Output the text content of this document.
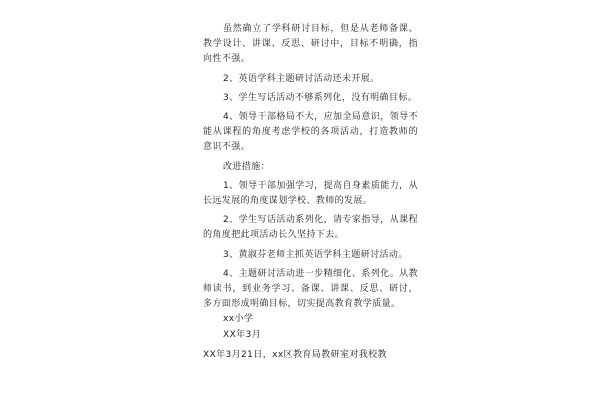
虽然确立了学科研讨目标，但是从老师备课、教学设计、讲课、反思、研讨中，目标不明确，指向性不强。

2、英语学科主题研讨活动还未开展。

3、学生写话活动不够系列化，没有明确目标。

4、领导干部格局不大，应加全局意识，领导不能从课程的角度考虑学校的各项活动，打造教师的意识不强。

改进措施：

1、领导干部加强学习，提高自身素质能力，从长远发展的角度谋划学校、教师的发展。

2、学生写话活动系列化，请专家指导，从课程的角度把此项活动长久坚持下去。

3、黄淑芬老师主抓英语学科主题研讨活动。

4、主题研讨活动进一步精细化、系列化。从教师读书，到业务学习、备课、讲课、反思、研讨，多方面形成明确目标，切实提高教育教学质量。

xx小学

XX年3月

XX年3月21日，xx区教育局教研室对我校教
